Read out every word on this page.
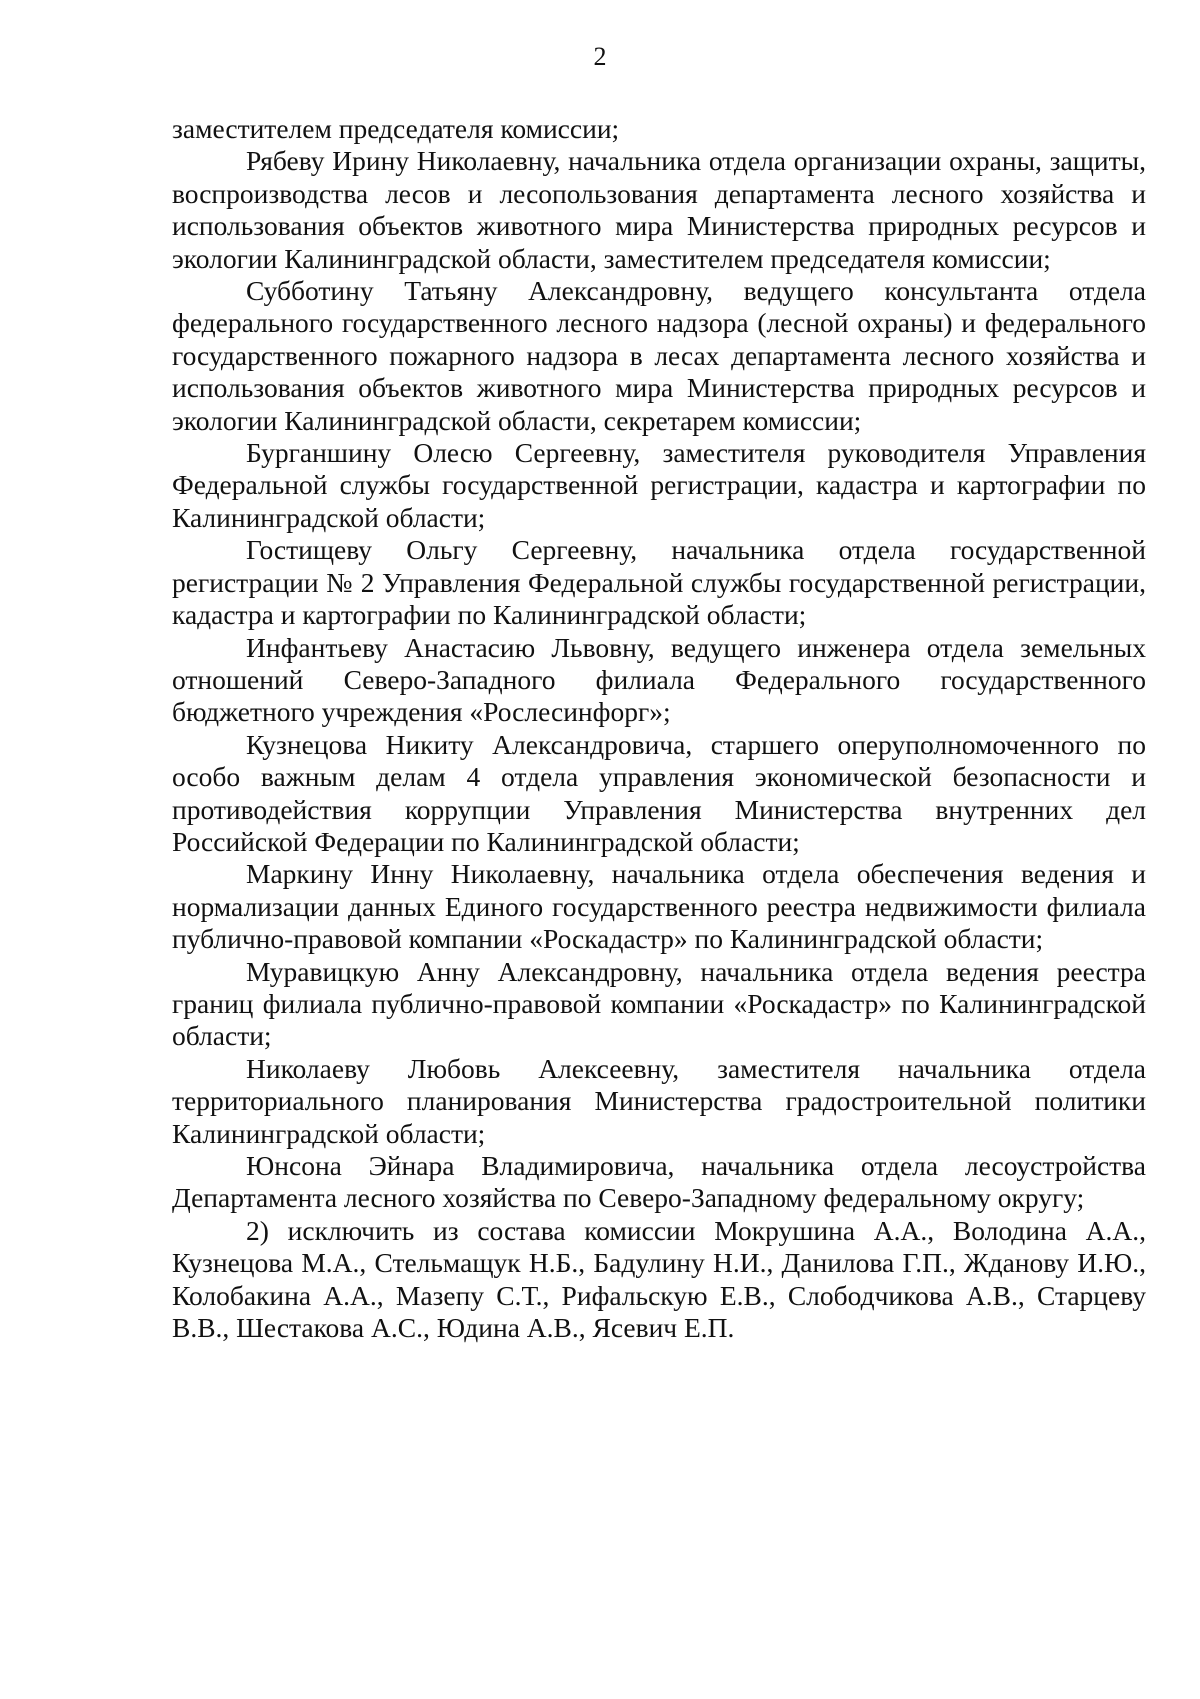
2

заместителем председателя комиссии;

Рябеву Ирину Николаевну, начальника отдела организации охраны, защиты, воспроизводства лесов и лесопользования департамента лесного хозяйства и использования объектов животного мира Министерства природных ресурсов и экологии Калининградской области, заместителем председателя комиссии;

Субботину Татьяну Александровну, ведущего консультанта отдела федерального государственного лесного надзора (лесной охраны) и федерального государственного пожарного надзора в лесах департамента лесного хозяйства и использования объектов животного мира Министерства природных ресурсов и экологии Калининградской области, секретарем комиссии;

Бурганшину Олесю Сергеевну, заместителя руководителя Управления Федеральной службы государственной регистрации, кадастра и картографии по Калининградской области;

Гостищеву Ольгу Сергеевну, начальника отдела государственной регистрации № 2 Управления Федеральной службы государственной регистрации, кадастра и картографии по Калининградской области;

Инфантьеву Анастасию Львовну, ведущего инженера отдела земельных отношений Северо-Западного филиала Федерального государственного бюджетного учреждения «Рослесинфорг»;

Кузнецова Никиту Александровича, старшего оперуполномоченного по особо важным делам 4 отдела управления экономической безопасности и противодействия коррупции Управления Министерства внутренних дел Российской Федерации по Калининградской области;

Маркину Инну Николаевну, начальника отдела обеспечения ведения и нормализации данных Единого государственного реестра недвижимости филиала публично-правовой компании «Роскадастр» по Калининградской области;

Муравицкую Анну Александровну, начальника отдела ведения реестра границ филиала публично-правовой компании «Роскадастр» по Калининградской области;

Николаеву Любовь Алексеевну, заместителя начальника отдела территориального планирования Министерства градостроительной политики Калининградской области;

Юнсона Эйнара Владимировича, начальника отдела лесоустройства Департамента лесного хозяйства по Северо-Западному федеральному округу;

2) исключить из состава комиссии Мокрушина А.А., Володина А.А., Кузнецова М.А., Стельмащук Н.Б., Бадулину Н.И., Данилова Г.П., Жданову И.Ю., Колобакина А.А., Мазепу С.Т., Рифальскую Е.В., Слободчикова А.В., Старцеву В.В., Шестакова А.С., Юдина А.В., Ясевич Е.П.
